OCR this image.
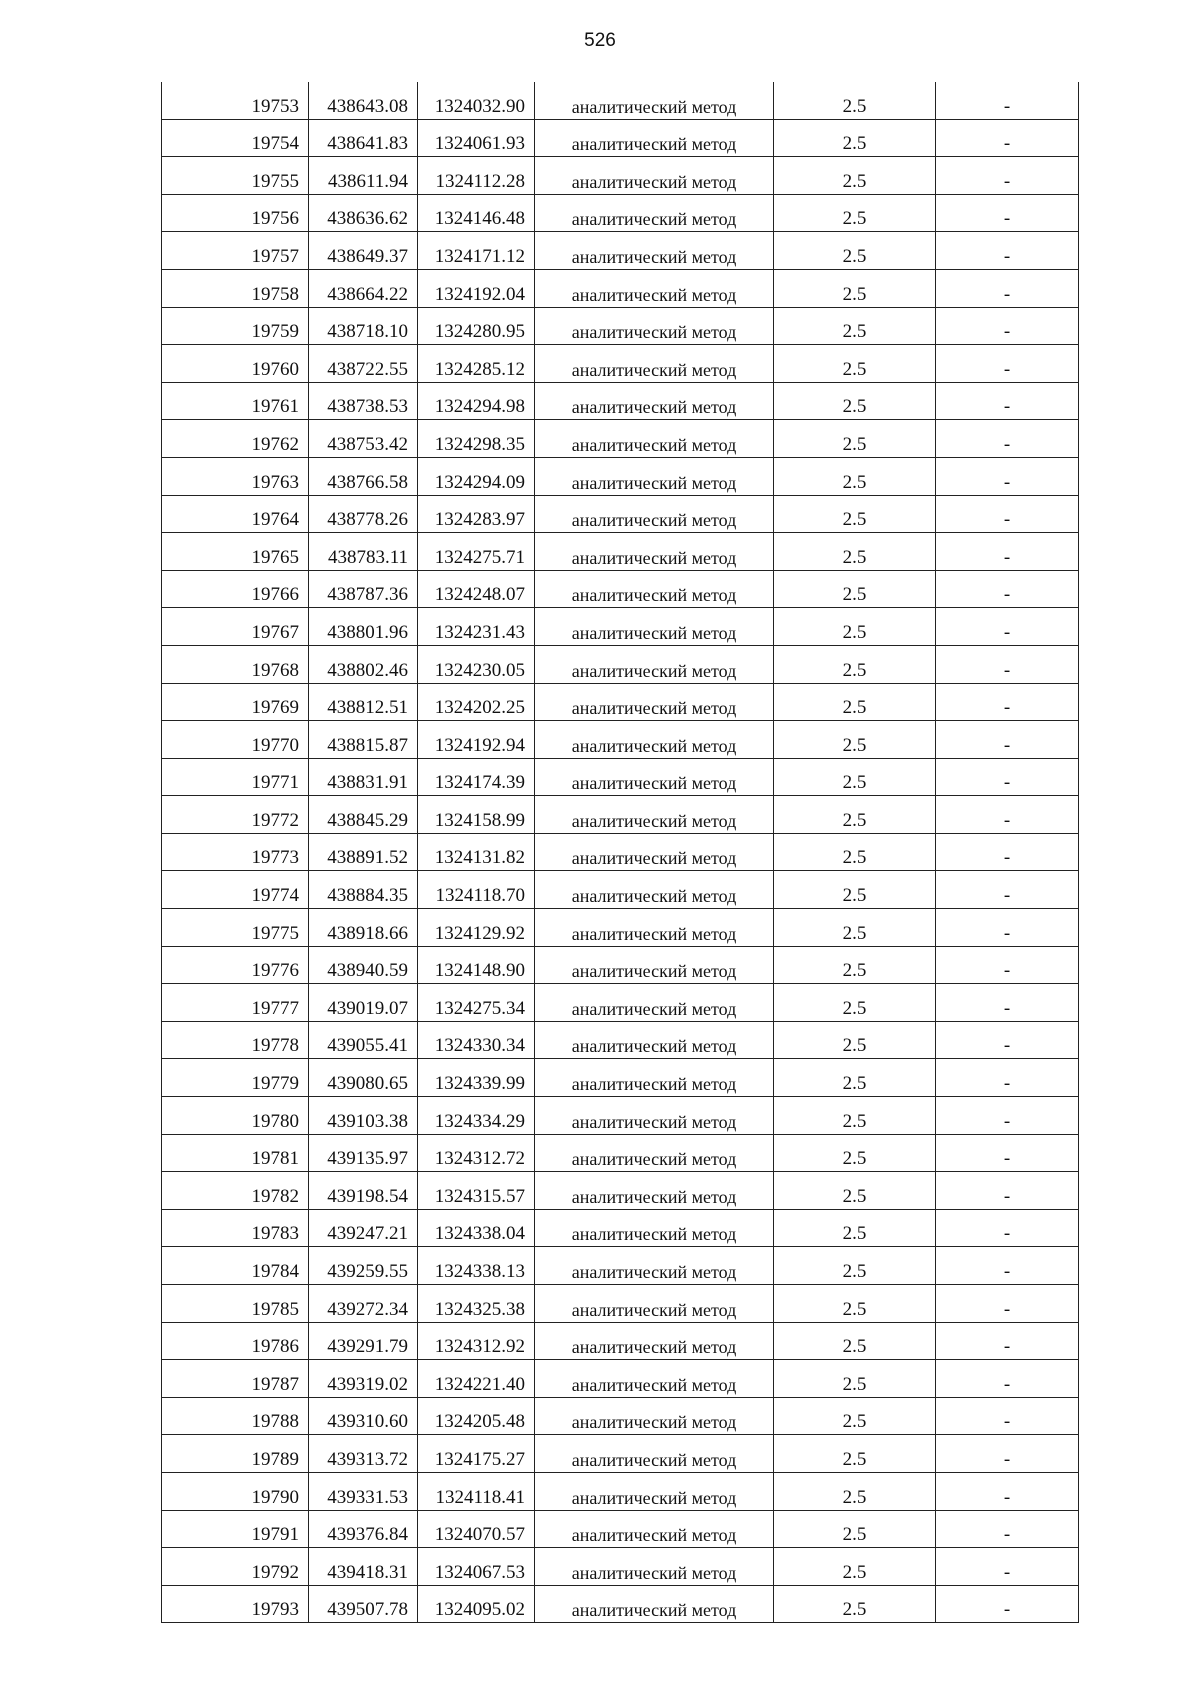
526
19753	438643.08	1324032.90	аналитический метод	2.5	-
19754	438641.83	1324061.93	аналитический метод	2.5	-
19755	438611.94	1324112.28	аналитический метод	2.5	-
19756	438636.62	1324146.48	аналитический метод	2.5	-
19757	438649.37	1324171.12	аналитический метод	2.5	-
19758	438664.22	1324192.04	аналитический метод	2.5	-
19759	438718.10	1324280.95	аналитический метод	2.5	-
19760	438722.55	1324285.12	аналитический метод	2.5	-
19761	438738.53	1324294.98	аналитический метод	2.5	-
19762	438753.42	1324298.35	аналитический метод	2.5	-
19763	438766.58	1324294.09	аналитический метод	2.5	-
19764	438778.26	1324283.97	аналитический метод	2.5	-
19765	438783.11	1324275.71	аналитический метод	2.5	-
19766	438787.36	1324248.07	аналитический метод	2.5	-
19767	438801.96	1324231.43	аналитический метод	2.5	-
19768	438802.46	1324230.05	аналитический метод	2.5	-
19769	438812.51	1324202.25	аналитический метод	2.5	-
19770	438815.87	1324192.94	аналитический метод	2.5	-
19771	438831.91	1324174.39	аналитический метод	2.5	-
19772	438845.29	1324158.99	аналитический метод	2.5	-
19773	438891.52	1324131.82	аналитический метод	2.5	-
19774	438884.35	1324118.70	аналитический метод	2.5	-
19775	438918.66	1324129.92	аналитический метод	2.5	-
19776	438940.59	1324148.90	аналитический метод	2.5	-
19777	439019.07	1324275.34	аналитический метод	2.5	-
19778	439055.41	1324330.34	аналитический метод	2.5	-
19779	439080.65	1324339.99	аналитический метод	2.5	-
19780	439103.38	1324334.29	аналитический метод	2.5	-
19781	439135.97	1324312.72	аналитический метод	2.5	-
19782	439198.54	1324315.57	аналитический метод	2.5	-
19783	439247.21	1324338.04	аналитический метод	2.5	-
19784	439259.55	1324338.13	аналитический метод	2.5	-
19785	439272.34	1324325.38	аналитический метод	2.5	-
19786	439291.79	1324312.92	аналитический метод	2.5	-
19787	439319.02	1324221.40	аналитический метод	2.5	-
19788	439310.60	1324205.48	аналитический метод	2.5	-
19789	439313.72	1324175.27	аналитический метод	2.5	-
19790	439331.53	1324118.41	аналитический метод	2.5	-
19791	439376.84	1324070.57	аналитический метод	2.5	-
19792	439418.31	1324067.53	аналитический метод	2.5	-
19793	439507.78	1324095.02	аналитический метод	2.5	-
